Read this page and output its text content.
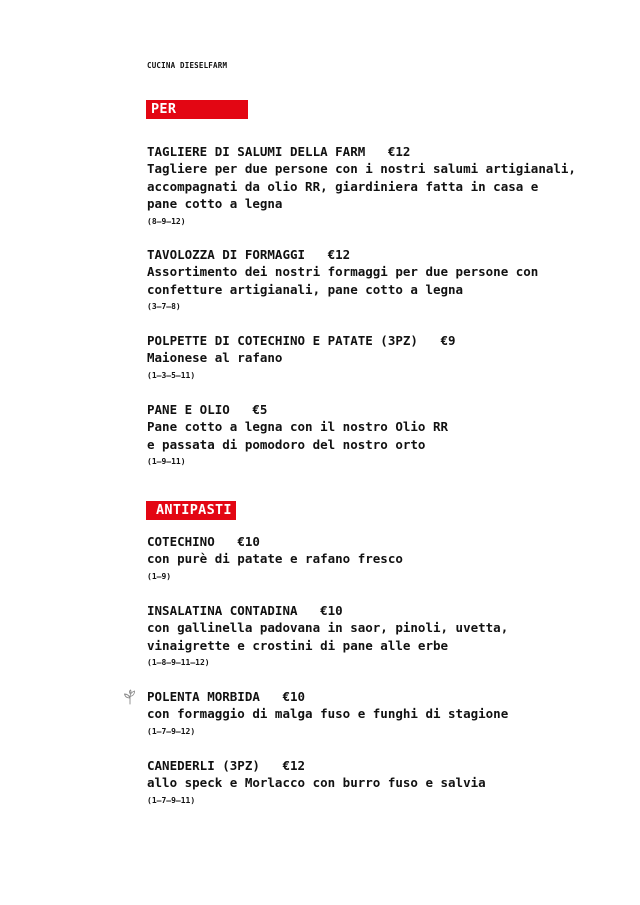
CUCINA DIESELFARM
PER INIZIARE
TAGLIERE DI SALUMI DELLA FARM €12
Tagliere per due persone con i nostri salumi artigianali,
accompagnati da olio RR, giardiniera fatta in casa e
pane cotto a legna
(8–9–12)
TAVOLOZZA DI FORMAGGI €12
Assortimento dei nostri formaggi per due persone con
confetture artigianali, pane cotto a legna
(3–7–8)
POLPETTE DI COTECHINO E PATATE (3PZ) €9
Maionese al rafano
(1–3–5–11)
PANE E OLIO €5
Pane cotto a legna con il nostro Olio RR
e passata di pomodoro del nostro orto
(1–9–11)
ANTIPASTI
COTECHINO €10
con purè di patate e rafano fresco
(1–9)
INSALATINA CONTADINA €10
con gallinella padovana in saor, pinoli, uvetta,
vinaigrette e crostini di pane alle erbe
(1–8–9–11–12)
POLENTA MORBIDA €10
con formaggio di malga fuso e funghi di stagione
(1–7–9–12)
CANEDERLI (3PZ) €12
allo speck e Morlacco con burro fuso e salvia
(1–7–9–11)
